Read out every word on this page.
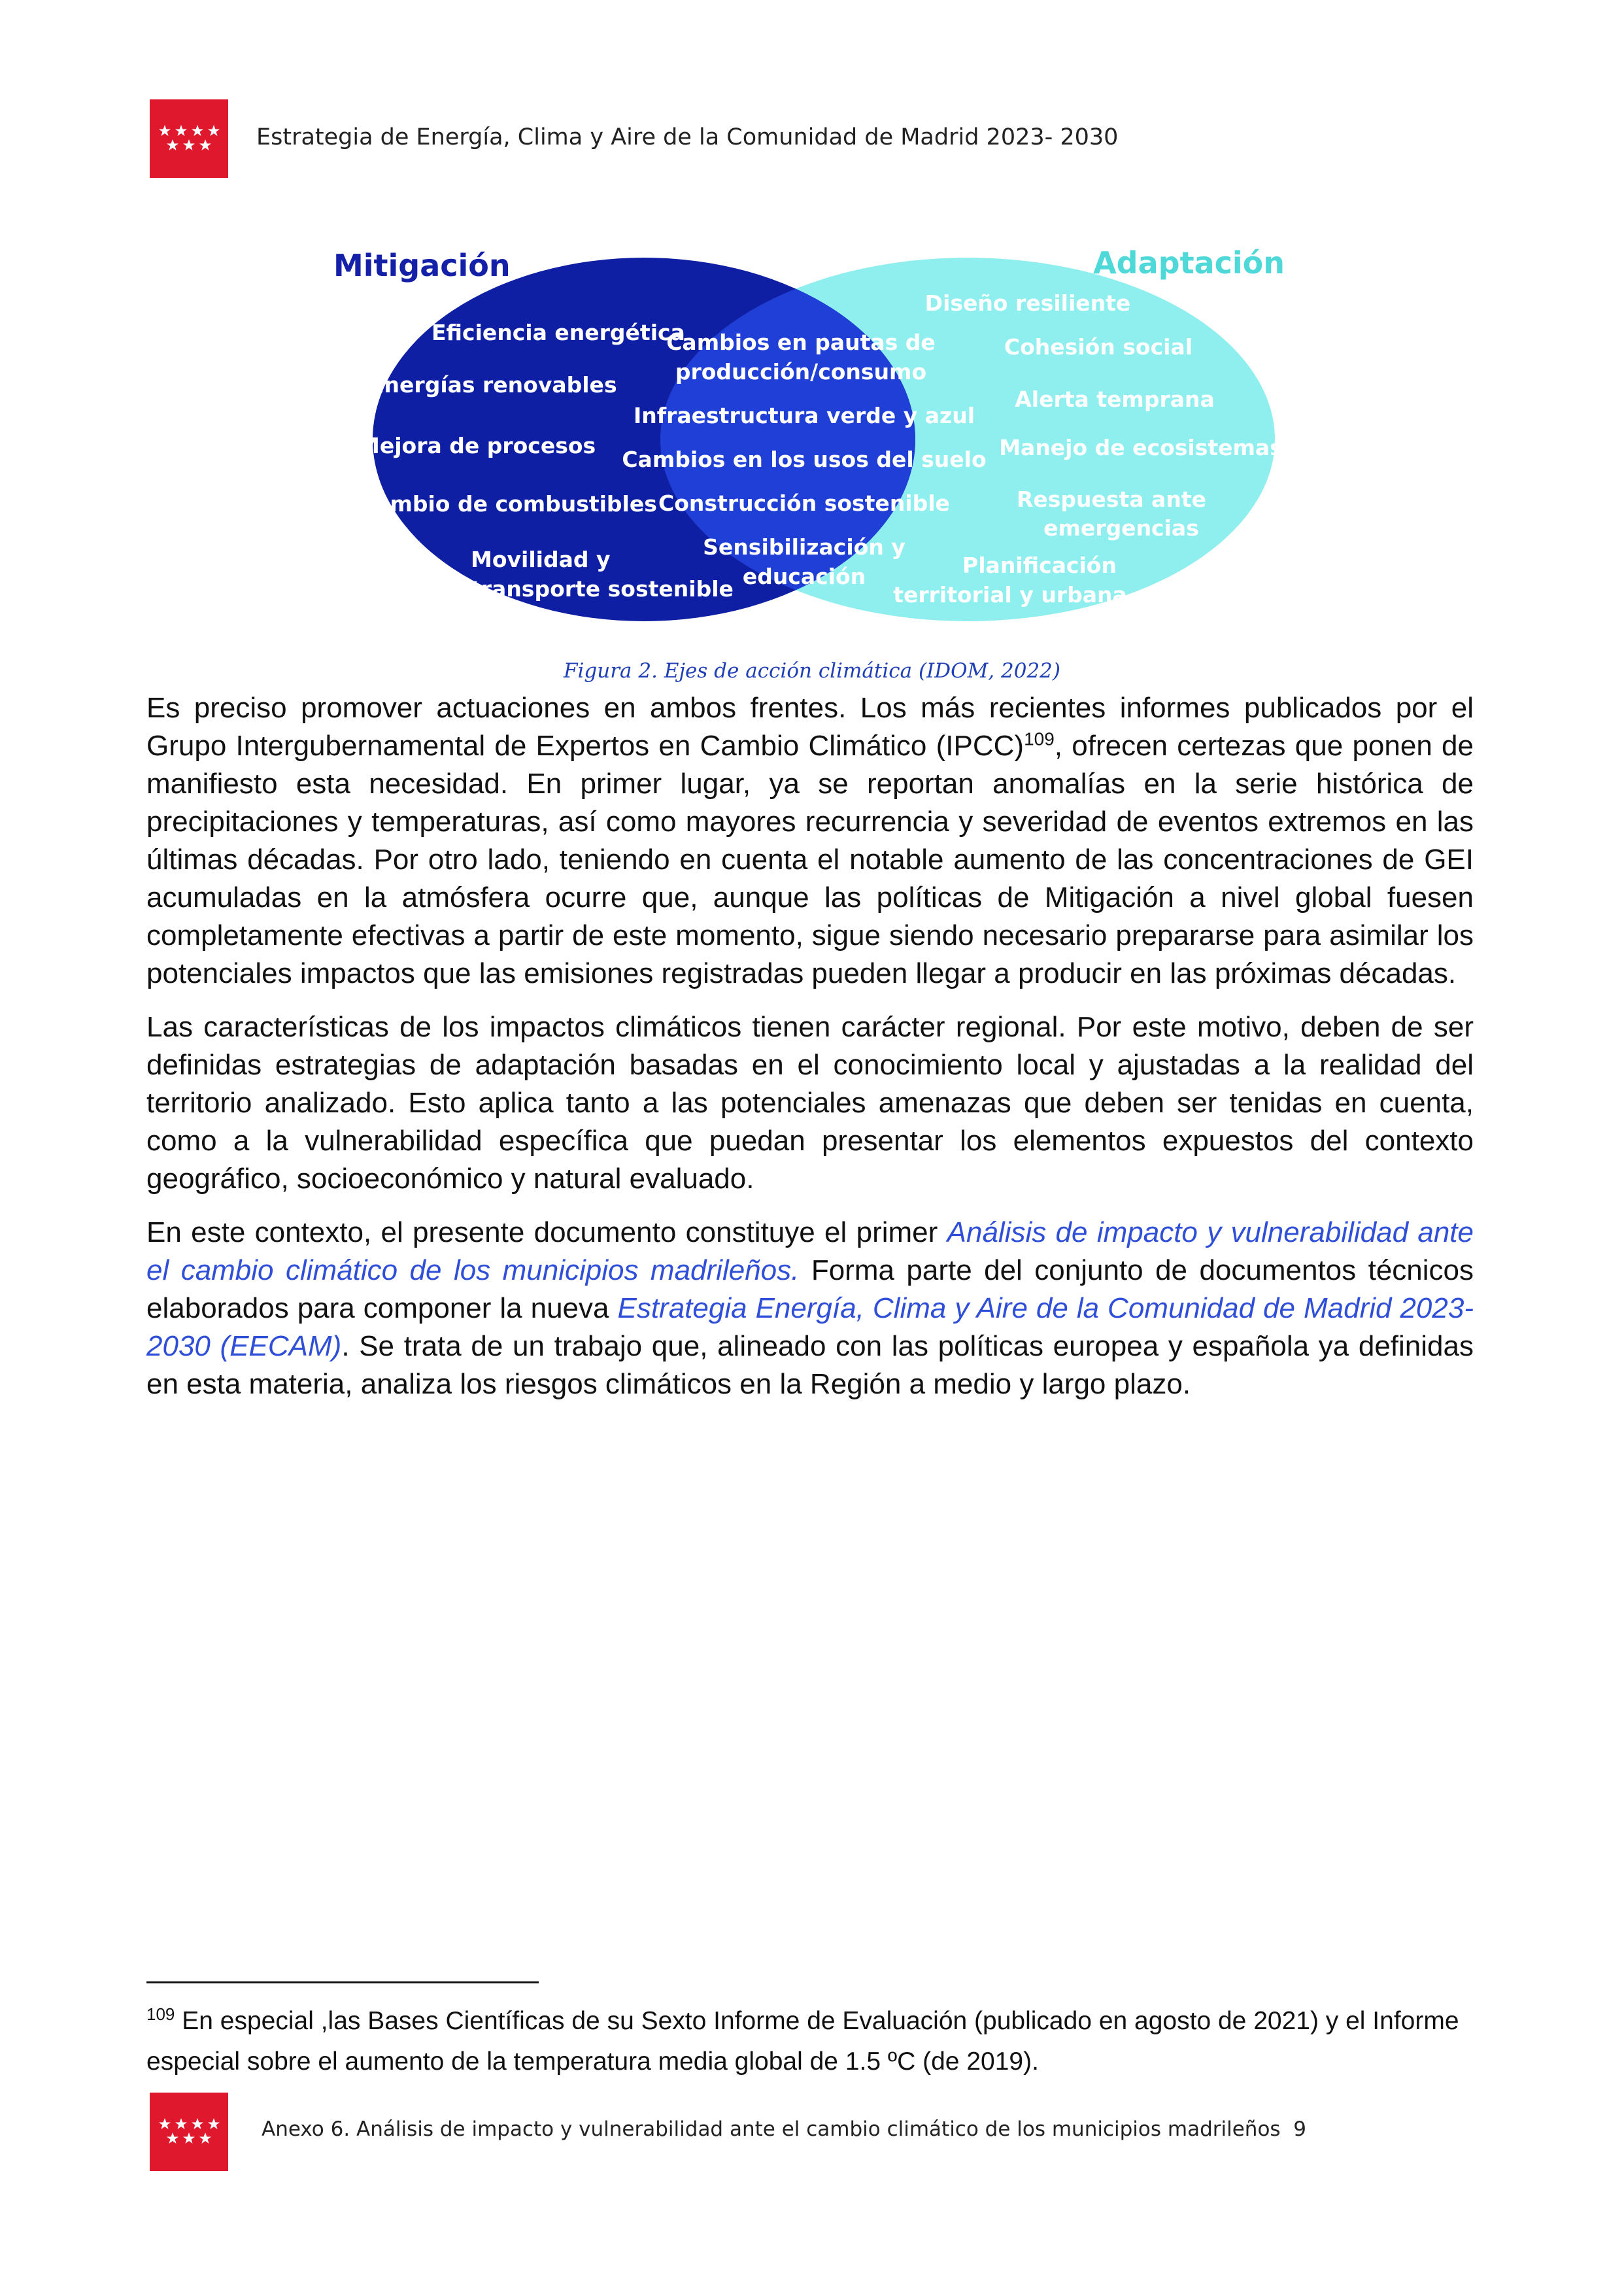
Estrategia de Energía, Clima y Aire de la Comunidad de Madrid 2023- 2030
Mitigación	Adaptación
Eficiencia energética
Energías renovables
Mejora de procesos
Cambio de combustibles
Movilidad y
transporte sostenible
Cambios en pautas de
producción/consumo
Infraestructura verde y azul
Cambios en los usos del suelo
Construcción sostenible
Sensibilización y
educación
Diseño resiliente
Cohesión social
Alerta temprana
Manejo de ecosistemas
Respuesta ante
emergencias
Planificación
territorial y urbana
Figura 2. Ejes de acción climática (IDOM, 2022)

Es preciso promover actuaciones en ambos frentes. Los más recientes informes publicados por el Grupo Intergubernamental de Expertos en Cambio Climático (IPCC)$^{109}$, ofrecen certezas que ponen de manifiesto esta necesidad. En primer lugar, ya se reportan anomalías en la serie histórica de precipitaciones y temperaturas, así como mayores recurrencia y severidad de eventos extremos en las últimas décadas. Por otro lado, teniendo en cuenta el notable aumento de las concentraciones de GEI acumuladas en la atmósfera ocurre que, aunque las políticas de Mitigación a nivel global fuesen completamente efectivas a partir de este momento, sigue siendo necesario prepararse para asimilar los potenciales impactos que las emisiones registradas pueden llegar a producir en las próximas décadas.

Las características de los impactos climáticos tienen carácter regional. Por este motivo, deben de ser definidas estrategias de adaptación basadas en el conocimiento local y ajustadas a la realidad del territorio analizado. Esto aplica tanto a las potenciales amenazas que deben ser tenidas en cuenta, como a la vulnerabilidad específica que puedan presentar los elementos expuestos del contexto geográfico, socioeconómico y natural evaluado.

En este contexto, el presente documento constituye el primer Análisis de impacto y vulnerabilidad ante el cambio climático de los municipios madrileños. Forma parte del conjunto de documentos técnicos elaborados para componer la nueva Estrategia Energía, Clima y Aire de la Comunidad de Madrid 2023- 2030 (EECAM). Se trata de un trabajo que, alineado con las políticas europea y española ya definidas en esta materia, analiza los riesgos climáticos en la Región a medio y largo plazo.

$^{109}$ En especial ,las Bases Científicas de su Sexto Informe de Evaluación (publicado en agosto de 2021) y el Informe especial sobre el aumento de la temperatura media global de 1.5 ºC (de 2019).
Anexo 6. Análisis de impacto y vulnerabilidad ante el cambio climático de los municipios madrileños 9
